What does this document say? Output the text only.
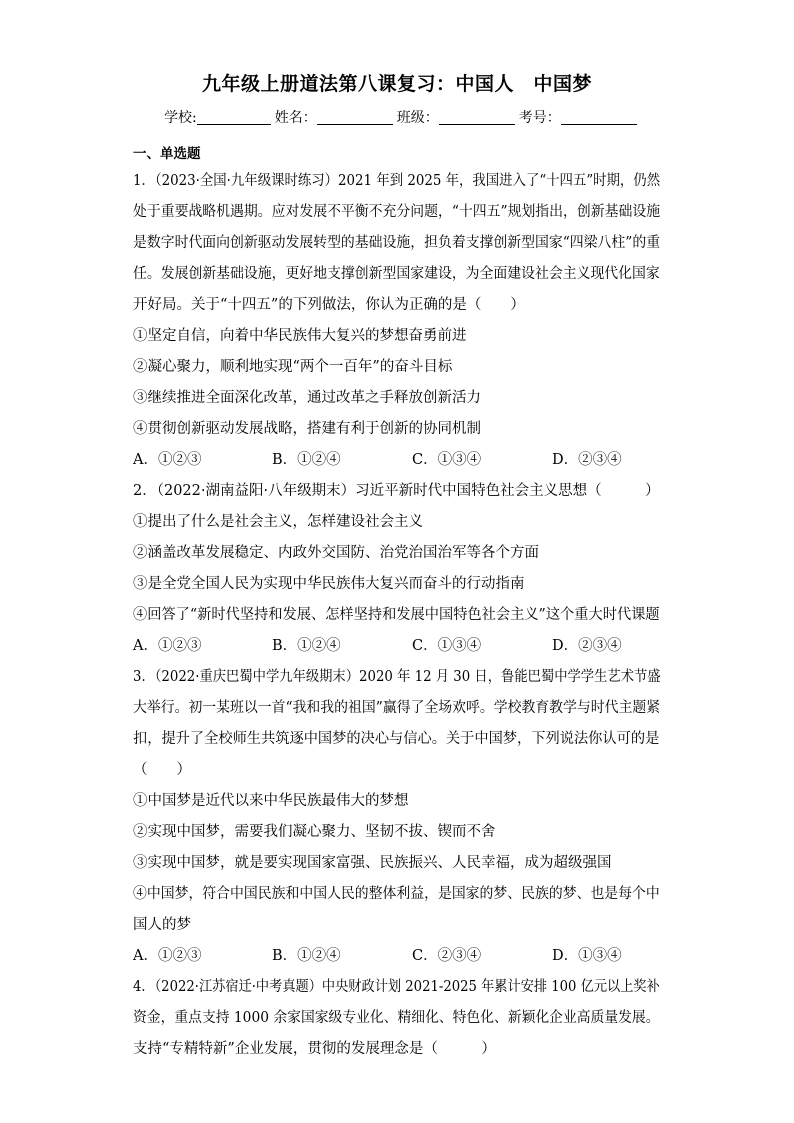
九年级上册道法第八课复习：中国人　中国梦
学校:	姓名：	班级：	考号：
一、单选题
1．（2023·全国·九年级课时练习）2021 年到 2025 年，我国进入了“十四五”时期，仍然
处于重要战略机遇期。应对发展不平衡不充分问题，“十四五”规划指出，创新基础设施
是数字时代面向创新驱动发展转型的基础设施，担负着支撑创新型国家“四梁八柱”的重
任。发展创新基础设施，更好地支撑创新型国家建设，为全面建设社会主义现代化国家
开好局。关于“十四五”的下列做法，你认为正确的是（　　）
①坚定自信，向着中华民族伟大复兴的梦想奋勇前进
②凝心聚力，顺利地实现“两个一百年”的奋斗目标
③继续推进全面深化改革，通过改革之手释放创新活力
④贯彻创新驱动发展战略，搭建有利于创新的协同机制
A．①②③	B．①②④	C．①③④	D．②③④
2．（2022·湖南益阳·八年级期末）习近平新时代中国特色社会主义思想（　　　）
①提出了什么是社会主义，怎样建设社会主义
②涵盖改革发展稳定、内政外交国防、治党治国治军等各个方面
③是全党全国人民为实现中华民族伟大复兴而奋斗的行动指南
④回答了“新时代坚持和发展、怎样坚持和发展中国特色社会主义”这个重大时代课题
A．①②③	B．①②④	C．①③④	D．②③④
3．（2022·重庆巴蜀中学九年级期末）2020 年 12 月 30 日，鲁能巴蜀中学学生艺术节盛
大举行。初一某班以一首“我和我的祖国”赢得了全场欢呼。学校教育教学与时代主题紧
扣，提升了全校师生共筑逐中国梦的决心与信心。关于中国梦，下列说法你认可的是
（　　）
①中国梦是近代以来中华民族最伟大的梦想
②实现中国梦，需要我们凝心聚力、坚韧不拔、锲而不舍
③实现中国梦，就是要实现国家富强、民族振兴、人民幸福，成为超级强国
④中国梦，符合中国民族和中国人民的整体利益，是国家的梦、民族的梦、也是每个中
国人的梦
A．①②③	B．①②④	C．②③④	D．①③④
4．（2022·江苏宿迁·中考真题）中央财政计划 2021-2025 年累计安排 100 亿元以上奖补
资金，重点支持 1000 余家国家级专业化、精细化、特色化、新颖化企业高质量发展。
支持“专精特新”企业发展，贯彻的发展理念是（　　　）
